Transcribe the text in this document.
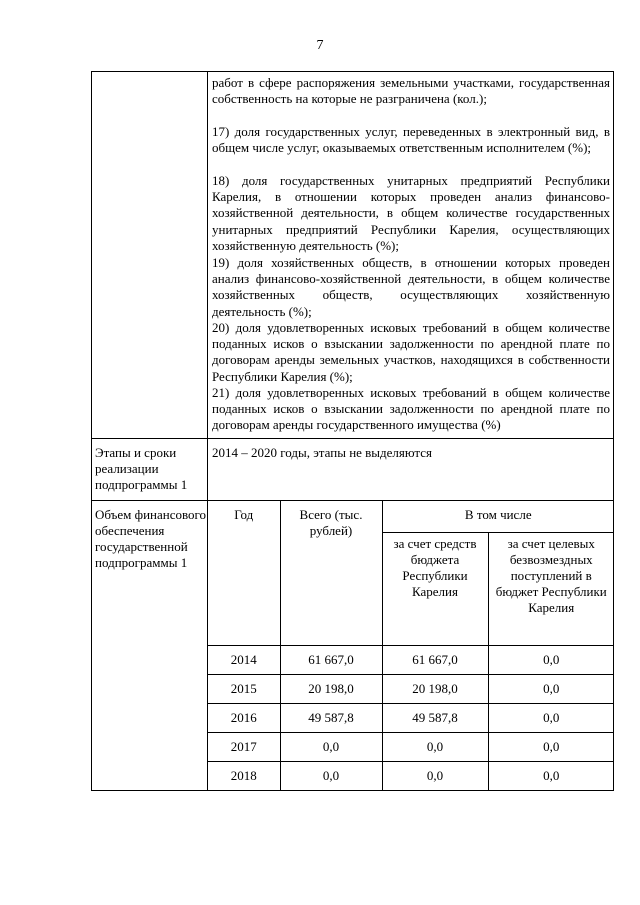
7

работ в сфере распоряжения земельными участками, государственная собственность на которые не разграничена (кол.);

17) доля государственных услуг, переведенных в электронный вид, в общем числе услуг, оказываемых ответственным исполнителем (%);

18) доля государственных унитарных предприятий Республики Карелия, в отношении которых проведен анализ финансово-хозяйственной деятельности, в общем количестве государственных унитарных предприятий Республики Карелия, осуществляющих хозяйственную деятельность (%);

19) доля хозяйственных обществ, в отношении которых проведен анализ финансово-хозяйственной деятельности, в общем количестве хозяйственных обществ, осуществляющих хозяйственную деятельность (%);

20) доля удовлетворенных исковых требований в общем количестве поданных исков о взыскании задолженности по арендной плате по договорам аренды земельных участков, находящихся в собственности Республики Карелия (%);

21) доля удовлетворенных исковых требований в общем количестве поданных исков о взыскании задолженности по арендной плате по договорам аренды государственного имущества (%)

Этапы и сроки реализации подпрограммы 1	2014 – 2020 годы, этапы не выделяются
Объем финансового обеспечения государственной подпрограммы 1	
Год	Всего (тыс. рублей)	В том числе
за счет средств бюджета Республики Карелия	за счет целевых безвозмездных поступлений в бюджет Республики Карелия
2014	61 667,0	61 667,0	0,0
2015	20 198,0	20 198,0	0,0
2016	49 587,8	49 587,8	0,0
2017	0,0	0,0	0,0
2018	0,0	0,0	0,0
